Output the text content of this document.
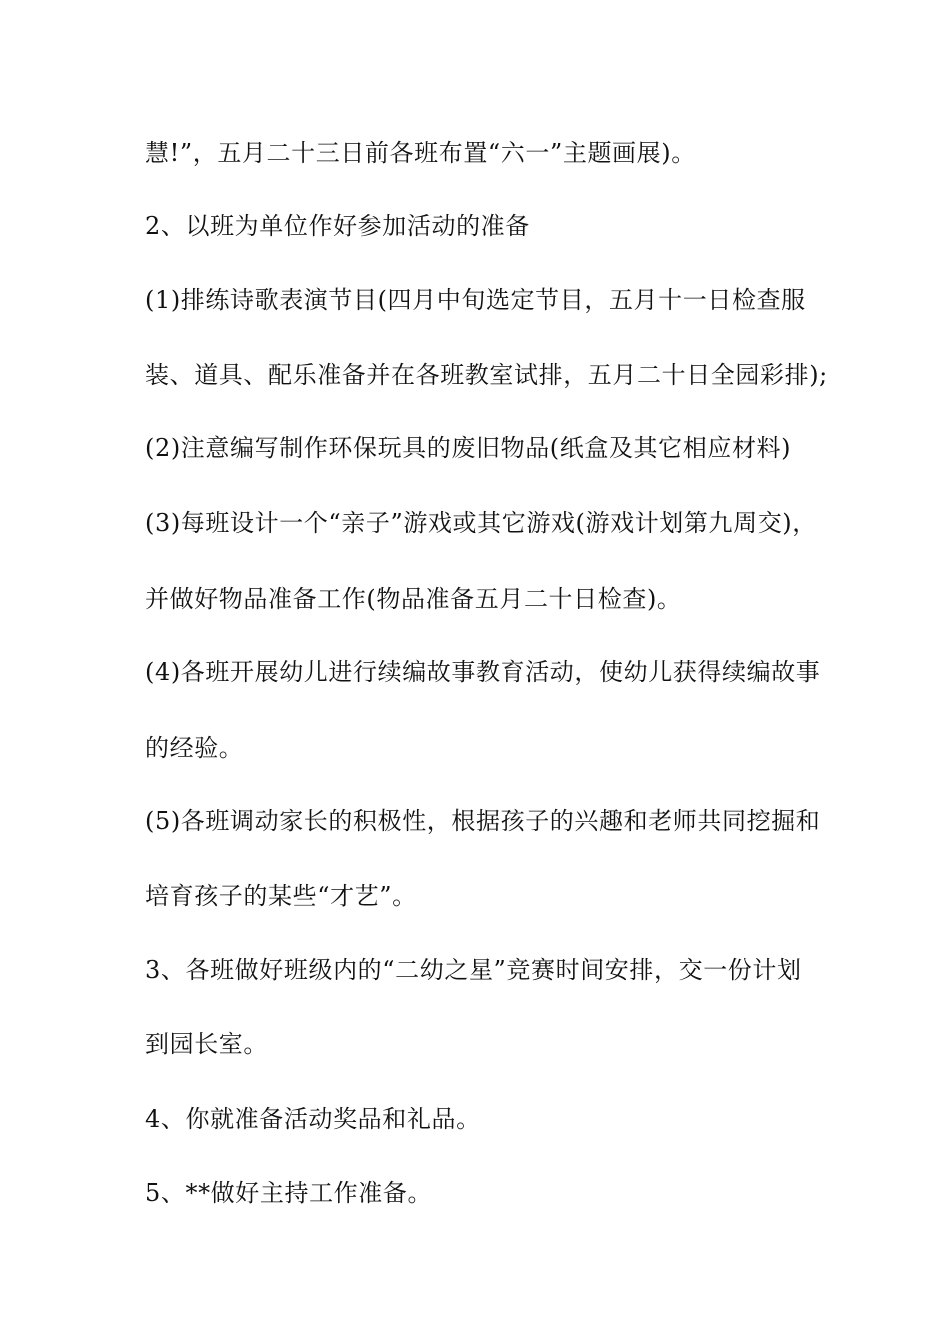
慧!”，五月二十三日前各班布置“六一”主题画展)。
2、以班为单位作好参加活动的准备
(1)排练诗歌表演节目(四月中旬选定节目，五月十一日检查服
装、道具、配乐准备并在各班教室试排，五月二十日全园彩排);
(2)注意编写制作环保玩具的废旧物品(纸盒及其它相应材料)
(3)每班设计一个“亲子”游戏或其它游戏(游戏计划第九周交)，
并做好物品准备工作(物品准备五月二十日检查)。
(4)各班开展幼儿进行续编故事教育活动，使幼儿获得续编故事
的经验。
(5)各班调动家长的积极性，根据孩子的兴趣和老师共同挖掘和
培育孩子的某些“才艺”。
3、各班做好班级内的“二幼之星”竞赛时间安排，交一份计划
到园长室。
4、你就准备活动奖品和礼品。
5、**做好主持工作准备。
